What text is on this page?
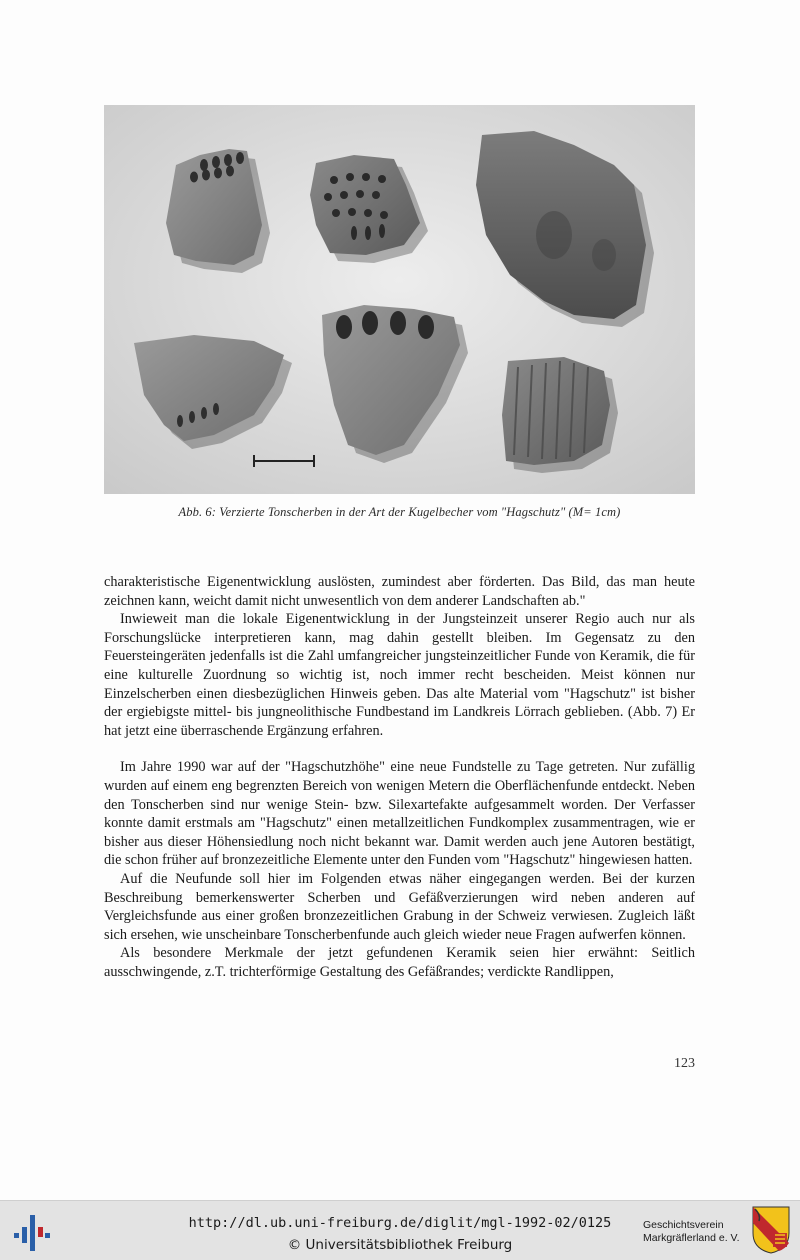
Abb. 6: Verzierte Tonscherben in der Art der Kugelbecher vom "Hagschutz" (M= 1cm)

charakteristische Eigenentwicklung auslösten, zumindest aber förderten. Das Bild, das man heute zeichnen kann, weicht damit nicht unwesentlich von dem anderer Landschaften ab."

Inwieweit man die lokale Eigenentwicklung in der Jungsteinzeit unserer Regio auch nur als Forschungslücke interpretieren kann, mag dahin gestellt bleiben. Im Gegensatz zu den Feuersteingeräten jedenfalls ist die Zahl umfangreicher jungsteinzeitlicher Funde von Keramik, die für eine kulturelle Zuordnung so wichtig ist, noch immer recht bescheiden. Meist können nur Einzelscherben einen diesbezüglichen Hinweis geben. Das alte Material vom "Hagschutz" ist bisher der ergiebigste mittel- bis jungneolithische Fundbestand im Landkreis Lörrach geblieben. (Abb. 7) Er hat jetzt eine überraschende Ergänzung erfahren.

Im Jahre 1990 war auf der "Hagschutzhöhe" eine neue Fundstelle zu Tage getreten. Nur zufällig wurden auf einem eng begrenzten Bereich von wenigen Metern die Oberflächenfunde entdeckt. Neben den Tonscherben sind nur wenige Stein- bzw. Silexartefakte aufgesammelt worden. Der Verfasser konnte damit erstmals am "Hagschutz" einen metallzeitlichen Fundkomplex zusammentragen, wie er bisher aus dieser Höhensiedlung noch nicht bekannt war. Damit werden auch jene Autoren bestätigt, die schon früher auf bronzezeitliche Elemente unter den Funden vom "Hagschutz" hingewiesen hatten.

Auf die Neufunde soll hier im Folgenden etwas näher eingegangen werden. Bei der kurzen Beschreibung bemerkenswerter Scherben und Gefäßverzierungen wird neben anderen auf Vergleichsfunde aus einer großen bronzezeitlichen Grabung in der Schweiz verwiesen. Zugleich läßt sich ersehen, wie unscheinbare Tonscherbenfunde auch gleich wieder neue Fragen aufwerfen können.

Als besondere Merkmale der jetzt gefundenen Keramik seien hier erwähnt: Seitlich ausschwingende, z.T. trichterförmige Gestaltung des Gefäßrandes; verdickte Randlippen,

123
http://dl.ub.uni-freiburg.de/diglit/mgl-1992-02/0125
© Universitätsbibliothek Freiburg
Geschichtsverein
Markgräflerland e. V.
